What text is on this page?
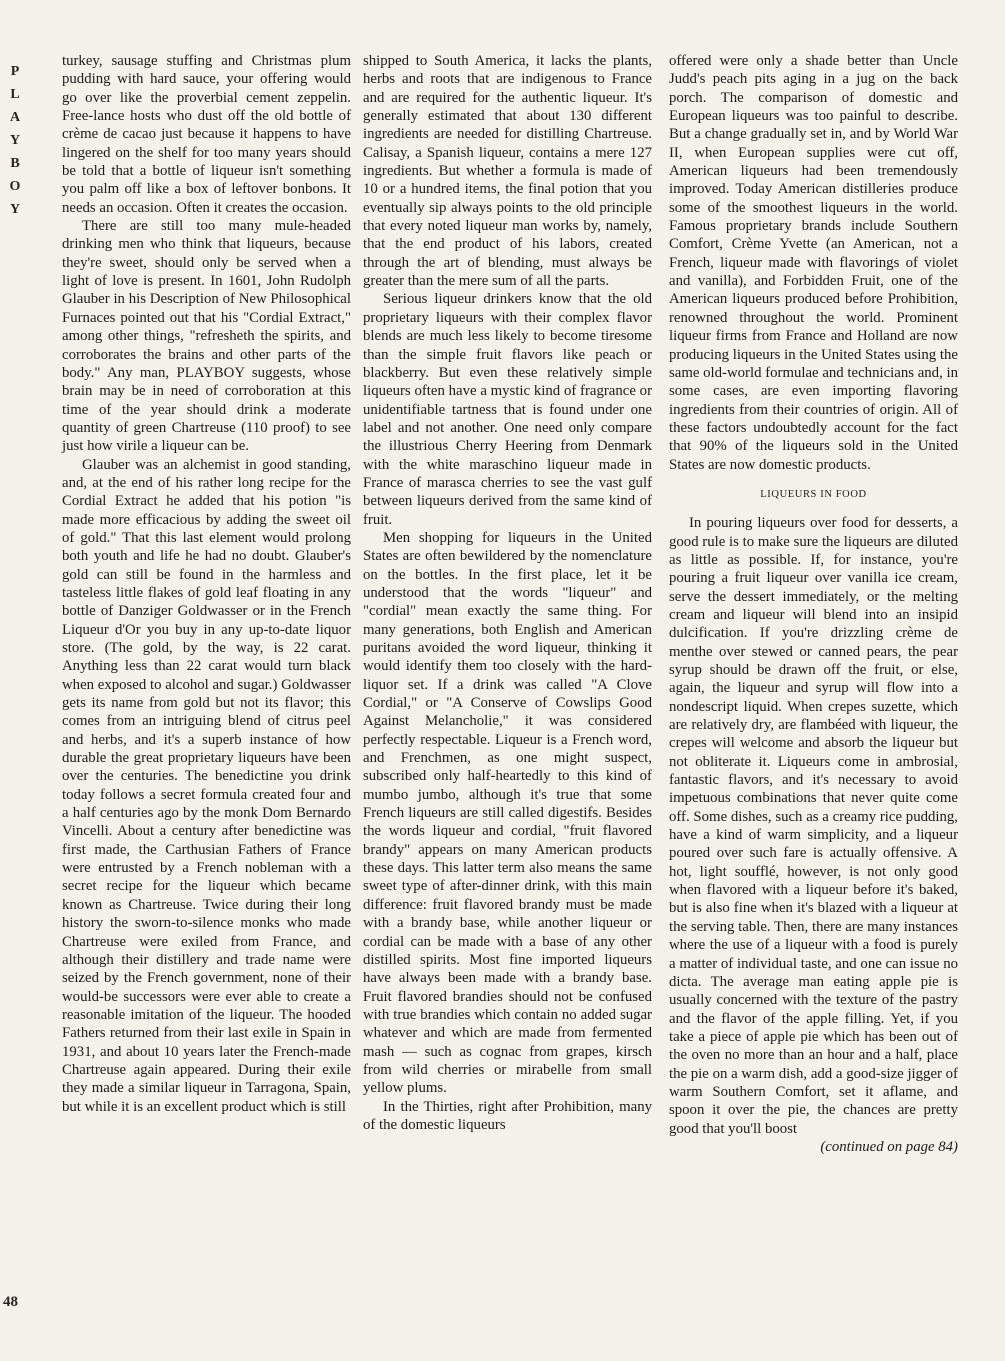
P
L
A
Y
B
O
Y

turkey, sausage stuffing and Christmas plum pudding with hard sauce, your offering would go over like the proverbial cement zeppelin. Free-lance hosts who dust off the old bottle of crème de cacao just because it happens to have lingered on the shelf for too many years should be told that a bottle of liqueur isn't something you palm off like a box of leftover bonbons. It needs an occasion. Often it creates the occasion.

There are still too many mule-headed drinking men who think that liqueurs, because they're sweet, should only be served when a light of love is present. In 1601, John Rudolph Glauber in his Description of New Philosophical Furnaces pointed out that his "Cordial Extract," among other things, "refresheth the spirits, and corroborates the brains and other parts of the body." Any man, PLAYBOY suggests, whose brain may be in need of corroboration at this time of the year should drink a moderate quantity of green Chartreuse (110 proof) to see just how virile a liqueur can be.

Glauber was an alchemist in good standing, and, at the end of his rather long recipe for the Cordial Extract he added that his potion "is made more efficacious by adding the sweet oil of gold." That this last element would prolong both youth and life he had no doubt. Glauber's gold can still be found in the harmless and tasteless little flakes of gold leaf floating in any bottle of Danziger Goldwasser or in the French Liqueur d'Or you buy in any up-to-date liquor store. (The gold, by the way, is 22 carat. Anything less than 22 carat would turn black when exposed to alcohol and sugar.) Goldwasser gets its name from gold but not its flavor; this comes from an intriguing blend of citrus peel and herbs, and it's a superb instance of how durable the great proprietary liqueurs have been over the centuries. The benedictine you drink today follows a secret formula created four and a half centuries ago by the monk Dom Bernardo Vincelli. About a century after benedictine was first made, the Carthusian Fathers of France were entrusted by a French nobleman with a secret recipe for the liqueur which became known as Chartreuse. Twice during their long history the sworn-to-silence monks who made Chartreuse were exiled from France, and although their distillery and trade name were seized by the French government, none of their would-be successors were ever able to create a reasonable imitation of the liqueur. The hooded Fathers returned from their last exile in Spain in 1931, and about 10 years later the French-made Chartreuse again appeared. During their exile they made a similar liqueur in Tarragona, Spain, but while it is an excellent product which is still

shipped to South America, it lacks the plants, herbs and roots that are indigenous to France and are required for the authentic liqueur. It's generally estimated that about 130 different ingredients are needed for distilling Chartreuse. Calisay, a Spanish liqueur, contains a mere 127 ingredients. But whether a formula is made of 10 or a hundred items, the final potion that you eventually sip always points to the old principle that every noted liqueur man works by, namely, that the end product of his labors, created through the art of blending, must always be greater than the mere sum of all the parts.

Serious liqueur drinkers know that the old proprietary liqueurs with their complex flavor blends are much less likely to become tiresome than the simple fruit flavors like peach or blackberry. But even these relatively simple liqueurs often have a mystic kind of fragrance or unidentifiable tartness that is found under one label and not another. One need only compare the illustrious Cherry Heering from Denmark with the white maraschino liqueur made in France of marasca cherries to see the vast gulf between liqueurs derived from the same kind of fruit.

Men shopping for liqueurs in the United States are often bewildered by the nomenclature on the bottles. In the first place, let it be understood that the words "liqueur" and "cordial" mean exactly the same thing. For many generations, both English and American puritans avoided the word liqueur, thinking it would identify them too closely with the hard-liquor set. If a drink was called "A Clove Cordial," or "A Conserve of Cowslips Good Against Melancholie," it was considered perfectly respectable. Liqueur is a French word, and Frenchmen, as one might suspect, subscribed only half-heartedly to this kind of mumbo jumbo, although it's true that some French liqueurs are still called digestifs. Besides the words liqueur and cordial, "fruit flavored brandy" appears on many American products these days. This latter term also means the same sweet type of after-dinner drink, with this main difference: fruit flavored brandy must be made with a brandy base, while another liqueur or cordial can be made with a base of any other distilled spirits. Most fine imported liqueurs have always been made with a brandy base. Fruit flavored brandies should not be confused with true brandies which contain no added sugar whatever and which are made from fermented mash — such as cognac from grapes, kirsch from wild cherries or mirabelle from small yellow plums.

In the Thirties, right after Prohibition, many of the domestic liqueurs

offered were only a shade better than Uncle Judd's peach pits aging in a jug on the back porch. The comparison of domestic and European liqueurs was too painful to describe. But a change gradually set in, and by World War II, when European supplies were cut off, American liqueurs had been tremendously improved. Today American distilleries produce some of the smoothest liqueurs in the world. Famous proprietary brands include Southern Comfort, Crème Yvette (an American, not a French, liqueur made with flavorings of violet and vanilla), and Forbidden Fruit, one of the American liqueurs produced before Prohibition, renowned throughout the world. Prominent liqueur firms from France and Holland are now producing liqueurs in the United States using the same old-world formulae and technicians and, in some cases, are even importing flavoring ingredients from their countries of origin. All of these factors undoubtedly account for the fact that 90% of the liqueurs sold in the United States are now domestic products.

LIQUEURS IN FOOD

In pouring liqueurs over food for desserts, a good rule is to make sure the liqueurs are diluted as little as possible. If, for instance, you're pouring a fruit liqueur over vanilla ice cream, serve the dessert immediately, or the melting cream and liqueur will blend into an insipid dulcification. If you're drizzling crème de menthe over stewed or canned pears, the pear syrup should be drawn off the fruit, or else, again, the liqueur and syrup will flow into a nondescript liquid. When crepes suzette, which are relatively dry, are flambéed with liqueur, the crepes will welcome and absorb the liqueur but not obliterate it. Liqueurs come in ambrosial, fantastic flavors, and it's necessary to avoid impetuous combinations that never quite come off. Some dishes, such as a creamy rice pudding, have a kind of warm simplicity, and a liqueur poured over such fare is actually offensive. A hot, light soufflé, however, is not only good when flavored with a liqueur before it's baked, but is also fine when it's blazed with a liqueur at the serving table. Then, there are many instances where the use of a liqueur with a food is purely a matter of individual taste, and one can issue no dicta. The average man eating apple pie is usually concerned with the texture of the pastry and the flavor of the apple filling. Yet, if you take a piece of apple pie which has been out of the oven no more than an hour and a half, place the pie on a warm dish, add a good-size jigger of warm Southern Comfort, set it aflame, and spoon it over the pie, the chances are pretty good that you'll boost

(continued on page 84)

48
